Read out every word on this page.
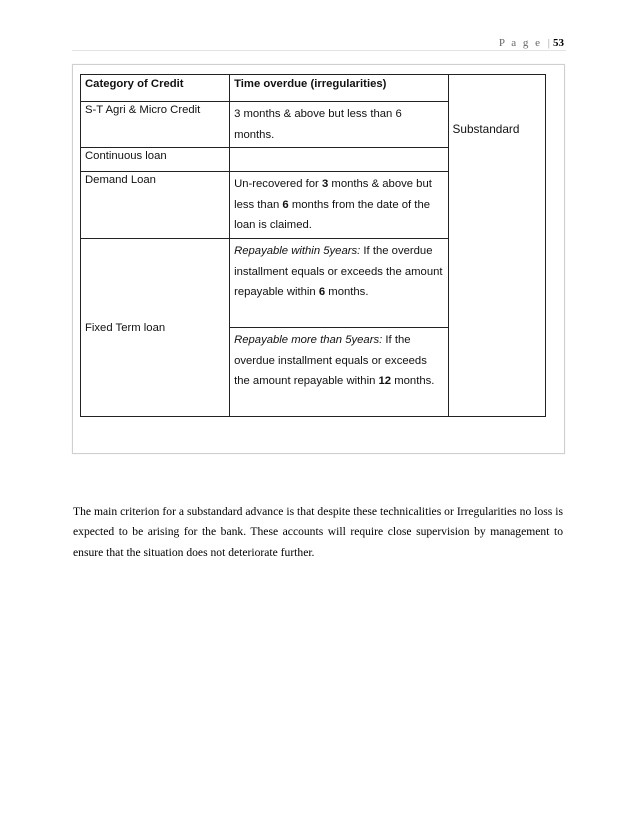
P a g e |53
Category of Credit	Time overdue (irregularities)	Substandard

S-T Agri & Micro Credit	3 months & above but less than 6 months.	
Continuous loan		
Demand Loan	Un-recovered for 3 months & above but less than 6 months from the date of the loan is claimed.	
Fixed Term loan	Repayable within 5years: If the overdue installment equals or exceeds the amount repayable within 6 months.	
	Repayable more than 5years: If the overdue installment equals or exceeds the amount repayable within 12 months.	

The main criterion for a substandard advance is that despite these technicalities or Irregularities no loss is expected to be arising for the bank. These accounts will require close supervision by management to ensure that the situation does not deteriorate further.
